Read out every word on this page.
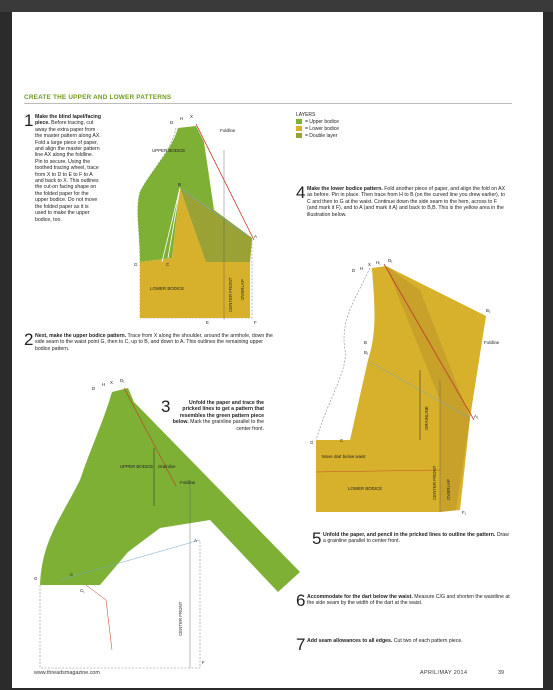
CREATE THE UPPER AND LOWER PATTERNS
LAYERS
= Upper bodice
= Lower bodice
= Double layer
1 Make the blind lapel/facing piece. Before tracing, cut away the extra paper from the master pattern along AX. Fold a large piece of paper, and align the master pattern line AX along the foldline. Pin to secure. Using the toothed tracing wheel, trace from X to D to E to F to A and back to X. This outlines the cut-on facing shape on the folded paper for the upper bodice. Do not move the folded paper as it is used to make the upper bodice, too.
2 Next, make the upper bodice pattern. Trace from X along the shoulder, around the armhole, down the side seam to the waist point G, then to C, up to B, and down to A. This outlines the remaining upper bodice pattern.
3	Unfold the paper and trace the pricked lines to get a pattern that resembles the green pattern piece below. Mark the grainline parallel to the center front.
4 Make the lower bodice pattern. Fold another piece of paper, and align the fold on AX as before. Pin in place. Then trace from H to B (on the curved line you drew earlier), to C and then to G at the waist. Continue down the side seam to the hem, across to F (and mark it F), and to A (and mark it A) and back to B,B. This is the yellow area in the illustration below.
5 Unfold the paper, and pencil in the pricked lines to outline the pattern. Draw a grainline parallel to center front.
6 Accommodate for the dart below the waist. Measure C/G and shorten the waistline at the side seam by the width of the dart at the waist.
7 Add seam allowances to all edges. Cut two of each pattern piece.
www.threadsmagazine.com	APRIL/MAY 2014	39
D
H X
Foldline
UPPER BODICE
B
G	C
A
LOWER BODICE
E	F
CENTER FRONT OVERLAP
D
H X D₁
UPPER BODICE Grainline
Foldline
A
G
C
C₁
F
CENTER FRONT
D H
X H₁ D₁
B₂
Foldline
B
B₁
A₁
C
G
Move dart below waist
LOWER BODICE
F₁
GRAINLINE
CENTER FRONT OVERLAP
